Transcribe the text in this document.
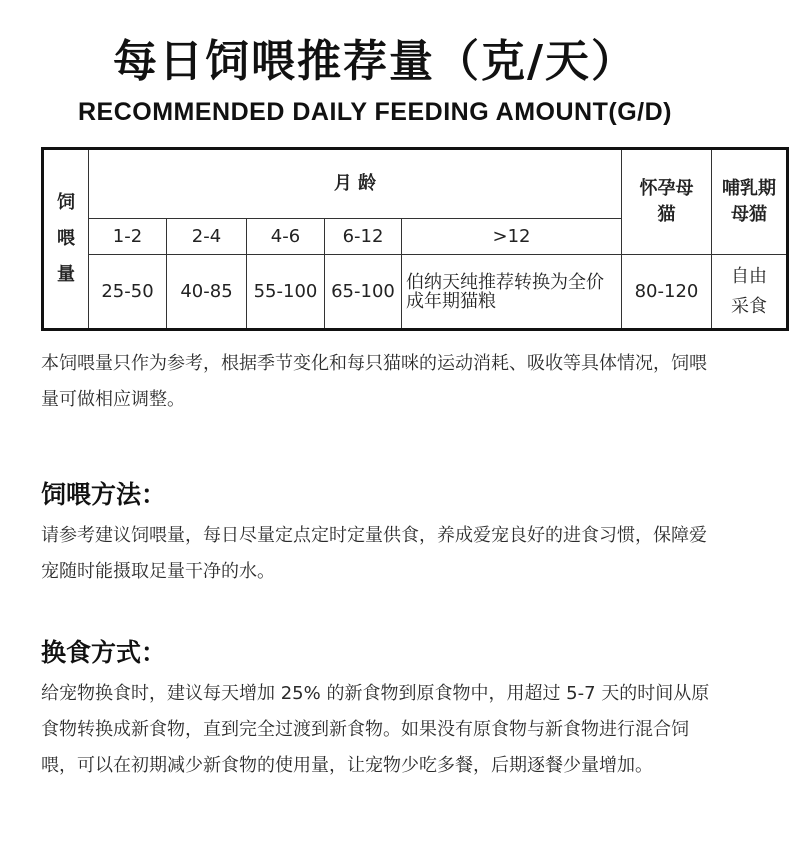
每日饲喂推荐量（克/天）
RECOMMENDED DAILY FEEDING AMOUNT(G/D)
饲喂量	月 龄					怀孕母猫	哺乳期母猫
	1-2	2-4	4-6	6-12	>12		
	25-50	40-85	55-100	65-100	伯纳天纯推荐转换为全价成年期猫粮	80-120	自由采食
本饲喂量只作为参考，根据季节变化和每只猫咪的运动消耗、吸收等具体情况，饲喂量可做相应调整。
饲喂方法：
请参考建议饲喂量，每日尽量定点定时定量供食，养成爱宠良好的进食习惯，保障爱宠随时能摄取足量干净的水。
换食方式：
给宠物换食时，建议每天增加 25% 的新食物到原食物中，用超过 5-7 天的时间从原食物转换成新食物，直到完全过渡到新食物。如果没有原食物与新食物进行混合饲喂，可以在初期减少新食物的使用量，让宠物少吃多餐，后期逐餐少量增加。
